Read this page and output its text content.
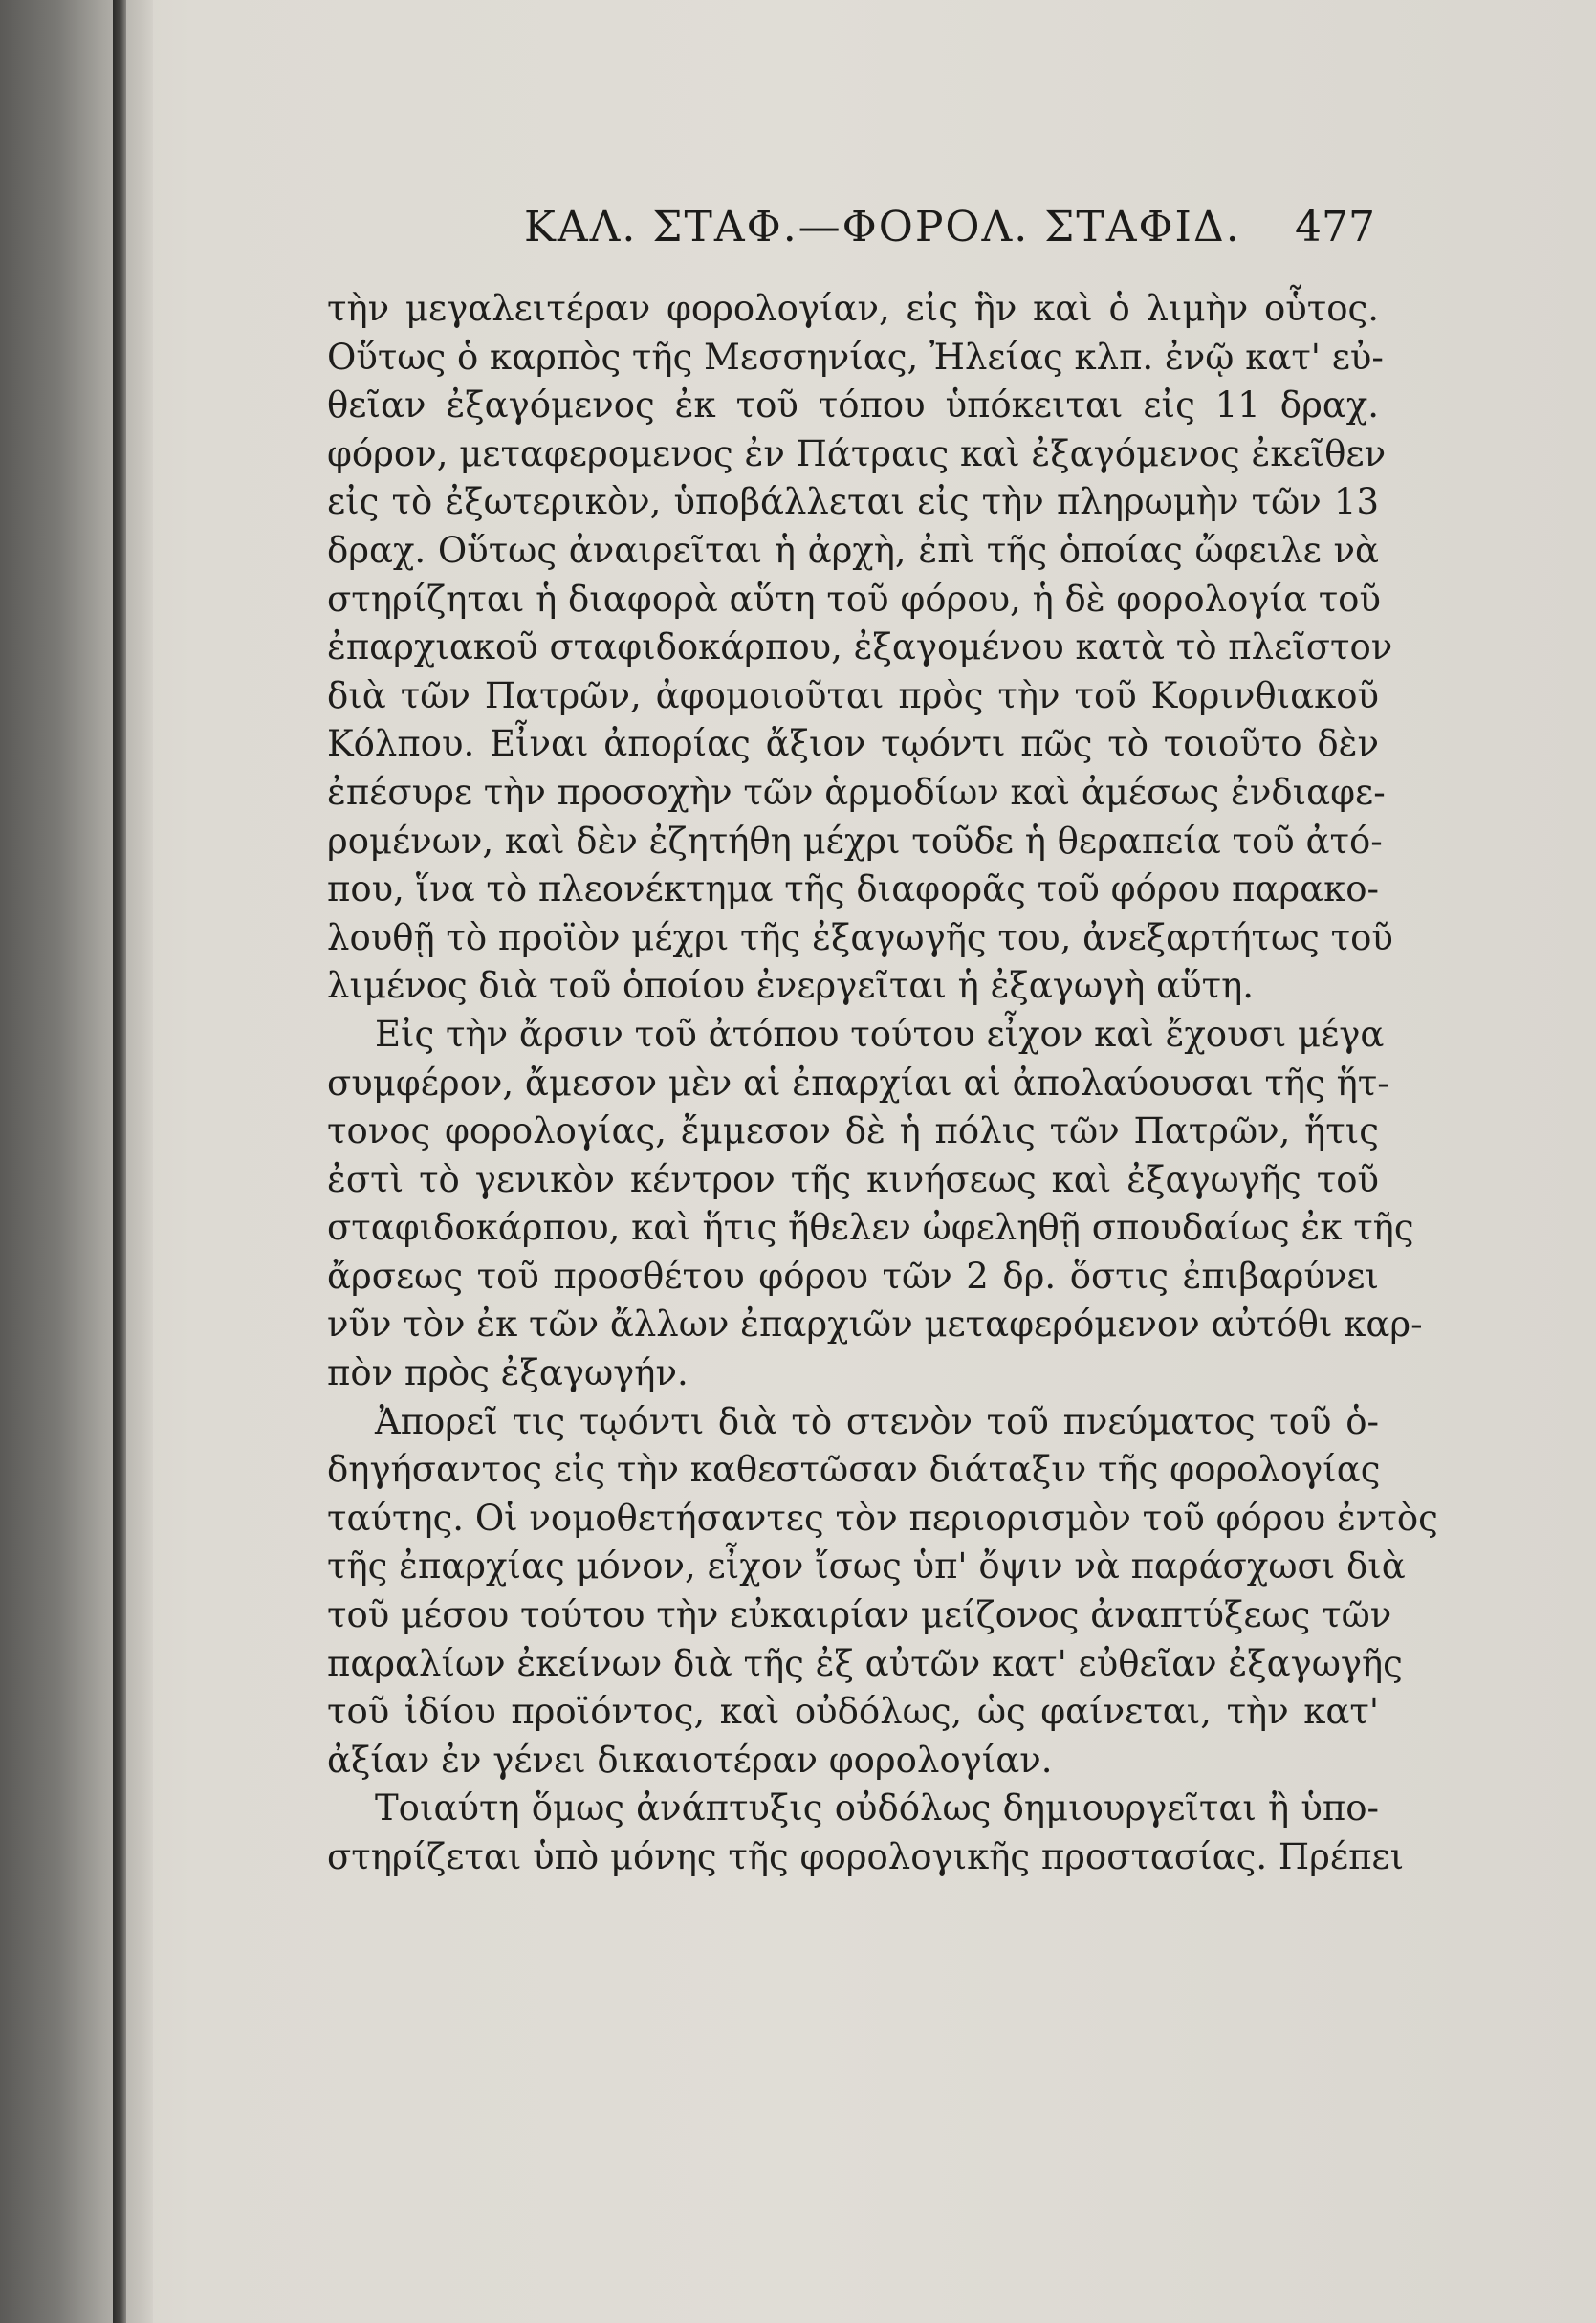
ΚΑΛ. ΣΤΑΦ.—ΦΟΡΟΛ. ΣΤΑΦΙΔ. 477
τὴν μεγαλειτέραν φορολογίαν, εἰς ἣν καὶ ὁ λιμὴν οὗτος.
Οὕτως ὁ καρπὸς τῆς Μεσσηνίας, Ἠλείας κλπ. ἐνῷ κατ' εὐ-
θεῖαν ἐξαγόμενος ἐκ τοῦ τόπου ὑπόκειται εἰς 11 δραχ.
φόρον, μεταφερομενος ἐν Πάτραις καὶ ἐξαγόμενος ἐκεῖθεν
εἰς τὸ ἐξωτερικὸν, ὑποβάλλεται εἰς τὴν πληρωμὴν τῶν 13
δραχ. Οὕτως ἀναιρεῖται ἡ ἀρχὴ, ἐπὶ τῆς ὁποίας ὤφειλε νὰ
στηρίζηται ἡ διαφορὰ αὕτη τοῦ φόρου, ἡ δὲ φορολογία τοῦ
ἐπαρχιακοῦ σταφιδοκάρπου, ἐξαγομένου κατὰ τὸ πλεῖστον
διὰ τῶν Πατρῶν, ἀφομοιοῦται πρὸς τὴν τοῦ Κορινθιακοῦ
Κόλπου. Εἶναι ἀπορίας ἄξιον τῳόντι πῶς τὸ τοιοῦτο δὲν
ἐπέσυρε τὴν προσοχὴν τῶν ἁρμοδίων καὶ ἀμέσως ἐνδιαφε-
ρομένων, καὶ δὲν ἐζητήθη μέχρι τοῦδε ἡ θεραπεία τοῦ ἀτό-
που, ἵνα τὸ πλεονέκτημα τῆς διαφορᾶς τοῦ φόρου παρακο-
λουθῇ τὸ προϊὸν μέχρι τῆς ἐξαγωγῆς του, ἀνεξαρτήτως τοῦ
λιμένος διὰ τοῦ ὁποίου ἐνεργεῖται ἡ ἐξαγωγὴ αὕτη.
Εἰς τὴν ἄρσιν τοῦ ἀτόπου τούτου εἶχον καὶ ἔχουσι μέγα
συμφέρον, ἄμεσον μὲν αἱ ἐπαρχίαι αἱ ἀπολαύουσαι τῆς ἥτ-
τονος φορολογίας, ἔμμεσον δὲ ἡ πόλις τῶν Πατρῶν, ἥτις
ἐστὶ τὸ γενικὸν κέντρον τῆς κινήσεως καὶ ἐξαγωγῆς τοῦ
σταφιδοκάρπου, καὶ ἥτις ἤθελεν ὠφεληθῇ σπουδαίως ἐκ τῆς
ἄρσεως τοῦ προσθέτου φόρου τῶν 2 δρ. ὅστις ἐπιβαρύνει
νῦν τὸν ἐκ τῶν ἄλλων ἐπαρχιῶν μεταφερόμενον αὐτόθι καρ-
πὸν πρὸς ἐξαγωγήν.
Ἀπορεῖ τις τῳόντι διὰ τὸ στενὸν τοῦ πνεύματος τοῦ ὁ-
δηγήσαντος εἰς τὴν καθεστῶσαν διάταξιν τῆς φορολογίας
ταύτης. Οἱ νομοθετήσαντες τὸν περιορισμὸν τοῦ φόρου ἐντὸς
τῆς ἐπαρχίας μόνον, εἶχον ἴσως ὑπ' ὄψιν νὰ παράσχωσι διὰ
τοῦ μέσου τούτου τὴν εὐκαιρίαν μείζονος ἀναπτύξεως τῶν
παραλίων ἐκείνων διὰ τῆς ἐξ αὐτῶν κατ' εὐθεῖαν ἐξαγωγῆς
τοῦ ἰδίου προϊόντος, καὶ οὐδόλως, ὡς φαίνεται, τὴν κατ'
ἀξίαν ἐν γένει δικαιοτέραν φορολογίαν.
Τοιαύτη ὅμως ἀνάπτυξις οὐδόλως δημιουργεῖται ἢ ὑπο-
στηρίζεται ὑπὸ μόνης τῆς φορολογικῆς προστασίας. Πρέπει
